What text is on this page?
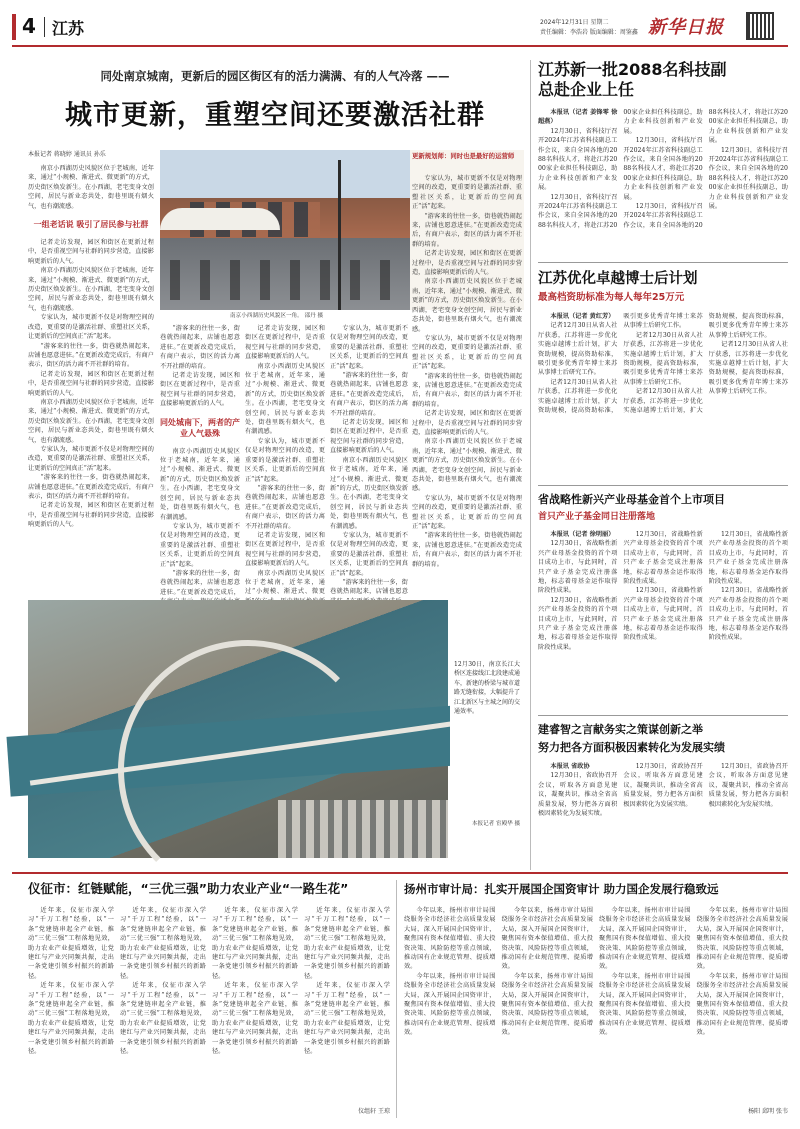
4 江苏	2024年12月31日 星期二
责任编辑：李浩岩 版面编辑：周鉴鑫 新华日报
同处南京城南，更新后的园区街区有的活力满满、有的人气冷落 ——
城市更新，重塑空间还要激活社群
本报记者 蒋晓婷 通讯员 孙乐

南京小西湖历史风貌区位于老城南，近年来，通过“小规模、渐进式、微更新”的方式，历史街区焕发新生。在小西湖，老宅变身文创空间，居民与新业态共处，街巷里既有烟火气，也有潮流感。

一组老话说 吸引了居民参与社群

记者走访发现，园区和街区在更新过程中，是否重视空间与社群的同步营造，直接影响更新后的人气。

南京小西湖历史风貌区位于老城南，近年来，通过“小规模、渐进式、微更新”的方式，历史街区焕发新生。在小西湖，老宅变身文创空间，居民与新业态共处，街巷里既有烟火气，也有潮流感。

专家认为，城市更新不仅是对物理空间的改造，更重要的是激活社群、重塑社区关系，让更新后的空间真正“活”起来。

“游客来的往往一多，街巷就热闹起来，店铺也愿意进驻。”在更新改造完成后，有商户表示，街区的活力离不开社群的培育。

记者走访发现，园区和街区在更新过程中，是否重视空间与社群的同步营造，直接影响更新后的人气。

南京小西湖历史风貌区位于老城南，近年来，通过“小规模、渐进式、微更新”的方式，历史街区焕发新生。在小西湖，老宅变身文创空间，居民与新业态共处，街巷里既有烟火气，也有潮流感。

专家认为，城市更新不仅是对物理空间的改造，更重要的是激活社群、重塑社区关系，让更新后的空间真正“活”起来。

“游客来的往往一多，街巷就热闹起来，店铺也愿意进驻。”在更新改造完成后，有商户表示，街区的活力离不开社群的培育。

记者走访发现，园区和街区在更新过程中，是否重视空间与社群的同步营造，直接影响更新后的人气。

更新规划师：同时也是最好的运营师

专家认为，城市更新不仅是对物理空间的改造，更重要的是激活社群、重塑社区关系，让更新后的空间真正“活”起来。

“游客来的往往一多，街巷就热闹起来，店铺也愿意进驻。”在更新改造完成后，有商户表示，街区的活力离不开社群的培育。

记者走访发现，园区和街区在更新过程中，是否重视空间与社群的同步营造，直接影响更新后的人气。

南京小西湖历史风貌区位于老城南，近年来，通过“小规模、渐进式、微更新”的方式，历史街区焕发新生。在小西湖，老宅变身文创空间，居民与新业态共处，街巷里既有烟火气，也有潮流感。

专家认为，城市更新不仅是对物理空间的改造，更重要的是激活社群、重塑社区关系，让更新后的空间真正“活”起来。

“游客来的往往一多，街巷就热闹起来，店铺也愿意进驻。”在更新改造完成后，有商户表示，街区的活力离不开社群的培育。

记者走访发现，园区和街区在更新过程中，是否重视空间与社群的同步营造，直接影响更新后的人气。

南京小西湖历史风貌区位于老城南，近年来，通过“小规模、渐进式、微更新”的方式，历史街区焕发新生。在小西湖，老宅变身文创空间，居民与新业态共处，街巷里既有烟火气，也有潮流感。

专家认为，城市更新不仅是对物理空间的改造，更重要的是激活社群、重塑社区关系，让更新后的空间真正“活”起来。

“游客来的往往一多，街巷就热闹起来，店铺也愿意进驻。”在更新改造完成后，有商户表示，街区的活力离不开社群的培育。

南京小西湖历史风貌区一角。 邵丹 摄

“游客来的往往一多，街巷就热闹起来，店铺也愿意进驻。”在更新改造完成后，有商户表示，街区的活力离不开社群的培育。

记者走访发现，园区和街区在更新过程中，是否重视空间与社群的同步营造，直接影响更新后的人气。

同处城南下，两者的产业人气悬殊

南京小西湖历史风貌区位于老城南，近年来，通过“小规模、渐进式、微更新”的方式，历史街区焕发新生。在小西湖，老宅变身文创空间，居民与新业态共处，街巷里既有烟火气，也有潮流感。

专家认为，城市更新不仅是对物理空间的改造，更重要的是激活社群、重塑社区关系，让更新后的空间真正“活”起来。

“游客来的往往一多，街巷就热闹起来，店铺也愿意进驻。”在更新改造完成后，

记者走访发现，园区和街区在更新过程中，是否重视空间与社群的同步营造，直接影响更新后的人气。

南京小西湖历史风貌区位于老城南，近年来，通过“小规模、渐进式、微更新”的方式，历史街区焕发新生。在小西湖，老宅变身文创空间，居民与新业态共处，街巷里既有烟火气，也有潮流感。

专家认为，城市更新不仅是对物理空间的改造，更重要的是激活社群、重塑社区关系，让更新后的空间真正“活”起来。

“游客来的往往一多，街巷就热闹起来，店铺也愿意进驻。”在更新改造完成后，有商户表示，街区的活力离不开社群的培育。

记者走访发现，园区和街区在更新过程中，是否重视空间与社群的同步营造，直接影响更新后的人气。

南京小西湖历史风貌区位于老城南，近年来，通过“小规模、渐进式、微更

专家认为，城市更新不仅是对物理空间的改造，更重要的是激活社群、重塑社区关系，让更新后的空间真正“活”起来。

“游客来的往往一多，街巷就热闹起来，店铺也愿意进驻。”在更新改造完成后，有商户表示，街区的活力离不开社群的培育。

记者走访发现，园区和街区在更新过程中，是否重视空间与社群的同步营造，直接影响更新后的人气。

南京小西湖历史风貌区位于老城南，近年来，通过“小规模、渐进式、微更新”的方式，历史街区焕发新生。在小西湖，老宅变身文创空间，居民与新业态共处，街巷里既有烟火气，也有潮流感。

专家认为，城市更新不仅是对物理空间的改造，更重要的是激活社群、重塑社区关系，让更新后的空间真正“活”起来。

“游客来的往往一多，街巷就热闹起来，店铺也愿意

12月30日，南京长江大桥区连接线江北段建成通车，新建的桥梁与城市道路无缝衔接，大幅提升了江北新区与主城之间的交通效率。
本报记者 宦殿华 摄
江苏新一批2088名科技副总赴企业上任

本报讯（记者 姜锋零 徐超燕）

12月30日，省科技厅召开2024年江苏省科技副总工作会议，来自全国各地的2088名科技人才，将赴江苏2000家企业担任科技副总，助力企业科技创新和产业发展。

12月30日，省科技厅召开2024年江苏省科技副总工作会议，来自全国各地的2088名科技人才，将赴江苏2000家企业担任科技副总，助力企业科技创新和产业发展。

12月30日，省科技厅召开2024年江苏省科技副总工作会议，来自全国各地的2088名科技人才，将赴江苏2000家企业担任科技副总，助力企业科技创新和产业发展。

12月30日，省科技厅召开2024年江苏省科技副总工作会议，来自全国各地的2088名科技人才，将赴江苏2000家企业担任科技副总，助力企业科技创新和产业发展。

12月30日，省科技厅召开2024年江苏省科技副总工作会议，来自全国各地的2088名科技人才，将赴江苏2000家企业担任科技副总，助力企业科技创新和产业发展。

江苏优化卓越博士后计划
最高档资助标准为每人每年25万元

本报讯（记者 黄红芳）

记者12月30日从省人社厅获悉，江苏将进一步优化实施卓越博士后计划，扩大资助规模，提高资助标准，吸引更多优秀青年博士来苏从事博士后研究工作。

记者12月30日从省人社厅获悉，江苏将进一步优化实施卓越博士后计划，扩大资助规模，提高资助标准，吸引更多优秀青年博士来苏从事博士后研究工作。

记者12月30日从省人社厅获悉，江苏将进一步优化实施卓越博士后计划，扩大资助规模，提高资助标准，吸引更多优秀青年博士来苏从事博士后研究工作。

记者12月30日从省人社厅获悉，江苏将进一步优化实施卓越博士后计划，扩大资助规模，提高资助标准，吸引更多优秀青年博士来苏从事博士后研究工作。

记者12月30日从省人社厅获悉，江苏将进一步优化实施卓越博士后计划，扩大资助规模，提高资助标准，吸引更多优秀青年博士来苏从事博士后研究工作。

省战略性新兴产业母基金首个上市项目
首只产业子基金同日注册落地

本报讯（记者 徐明丽）

12月30日，省战略性新兴产业母基金投资的首个项目成功上市，与此同时，首只产业子基金完成注册落地，标志着母基金运作取得阶段性成果。

12月30日，省战略性新兴产业母基金投资的首个项目成功上市，与此同时，首只产业子基金完成注册落地，标志着母基金运作取得阶段性成果。

12月30日，省战略性新兴产业母基金投资的首个项目成功上市，与此同时，首只产业子基金完成注册落地，标志着母基金运作取得阶段性成果。

12月30日，省战略性新兴产业母基金投资的首个项目成功上市，与此同时，首只产业子基金完成注册落地，标志着母基金运作取得阶段性成果。

12月30日，省战略性新兴产业母基金投资的首个项目成功上市，与此同时，首只产业子基金完成注册落地，标志着母基金运作取得阶段性成果。

12月30日，省战略性新兴产业母基金投资的首个项目成功上市，与此同时，首只产业子基金完成注册落地，标志着母基金运作取得阶段性成果。

建睿智之言献务实之策谋创新之举
努力把各方面积极因素转化为发展实绩

本报讯 省政协

12月30日，省政协召开会议，听取各方面意见建议，凝聚共识，推动全省高质量发展，努力把各方面积极因素转化为发展实绩。

12月30日，省政协召开会议，听取各方面意见建议，凝聚共识，推动全省高质量发展，努力把各方面积极因素转化为发展实绩。

12月30日，省政协召开会议，听取各方面意见建议，凝聚共识，推动全省高质量发展，努力把各方面积极因素转化为发展实绩。

仪征市：红链赋能，“三优三强”助力农业产业“一路生花”

近年来，仪征市深入学习“千万工程”经验，以“一条”党建链串起全产业链，推动“三优三强”工程落地见效，助力农业产业提质增效，让党建红与产业兴同频共振，走出一条党建引领乡村振兴的新路径。

近年来，仪征市深入学习“千万工程”经验，以“一条”党建链串起全产业链，推动“三优三强”工程落地见效，助力农业产业提质增效，让党建红与产业兴同频共振，走出一条党建引领乡村振兴的新路径。

近年来，仪征市深入学习“千万工程”经验，以“一条”党建链串起全产业链，推动“三优三强”工程落地见效，助力农业产业提质增效，让党建红与产业兴同频共振，走出一条党建引领乡村振兴的新路径。

近年来，仪征市深入学习“千万工程”经验，以“一条”党建链串起全产业链，推动“三优三强”工程落地见效，助力农业产业提质增效，让党建红与产业兴同频共振，走出一条党建引领乡村振兴的新路径。

近年来，仪征市深入学习“千万工程”经验，以“一条”党建链串起全产业链，推动“三优三强”工程落地见效，助力农业产业提质增效，让党建红与产业兴同频共振，走出一条党建引领乡村振兴的新路径。

近年来，仪征市深入学习“千万工程”经验，以“一条”党建链串起全产业链，推动“三优三强”工程落地见效，助力农业产业提质增效，让党建红与产业兴同频共振，走出一条党建引领乡村振兴的新路径。

近年来，仪征市深入学习“千万工程”经验，以“一条”党建链串起全产业链，推动“三优三强”工程落地见效，助力农业产业提质增效，让党建红与产业兴同频共振，走出一条党建引领乡村振兴的新路径。

近年来，仪征市深入学习“千万工程”经验，以“一条”党建链串起全产业链，推动“三优三强”工程落地见效，助力农业产业提质增效，让党建红与产业兴同频共振，走出一条党建引领乡村振兴的新路径。

仪组轩 王琼
扬州市审计局：扎实开展国企国资审计 助力国企发展行稳致远

今年以来，扬州市审计局围绕服务全市经济社会高质量发展大局，深入开展国企国资审计，聚焦国有资本保值增值、重大投资决策、风险防控等重点领域，推动国有企业规范管理、提质增效。

今年以来，扬州市审计局围绕服务全市经济社会高质量发展大局，深入开展国企国资审计，聚焦国有资本保值增值、重大投资决策、风险防控等重点领域，推动国有企业规范管理、提质增效。

今年以来，扬州市审计局围绕服务全市经济社会高质量发展大局，深入开展国企国资审计，聚焦国有资本保值增值、重大投资决策、风险防控等重点领域，推动国有企业规范管理、提质增效。

今年以来，扬州市审计局围绕服务全市经济社会高质量发展大局，深入开展国企国资审计，聚焦国有资本保值增值、重大投资决策、风险防控等重点领域，推动国有企业规范管理、提质增效。

今年以来，扬州市审计局围绕服务全市经济社会高质量发展大局，深入开展国企国资审计，聚焦国有资本保值增值、重大投资决策、风险防控等重点领域，推动国有企业规范管理、提质增效。

今年以来，扬州市审计局围绕服务全市经济社会高质量发展大局，深入开展国企国资审计，聚焦国有资本保值增值、重大投资决策、风险防控等重点领域，推动国有企业规范管理、提质增效。

今年以来，扬州市审计局围绕服务全市经济社会高质量发展大局，深入开展国企国资审计，聚焦国有资本保值增值、重大投资决策、风险防控等重点领域，推动国有企业规范管理、提质增效。

今年以来，扬州市审计局围绕服务全市经济社会高质量发展大局，深入开展国企国资审计，聚焦国有资本保值增值、重大投资决策、风险防控等重点领域，推动国有企业规范管理、提质增效。

杨阳 邱明 张韦
